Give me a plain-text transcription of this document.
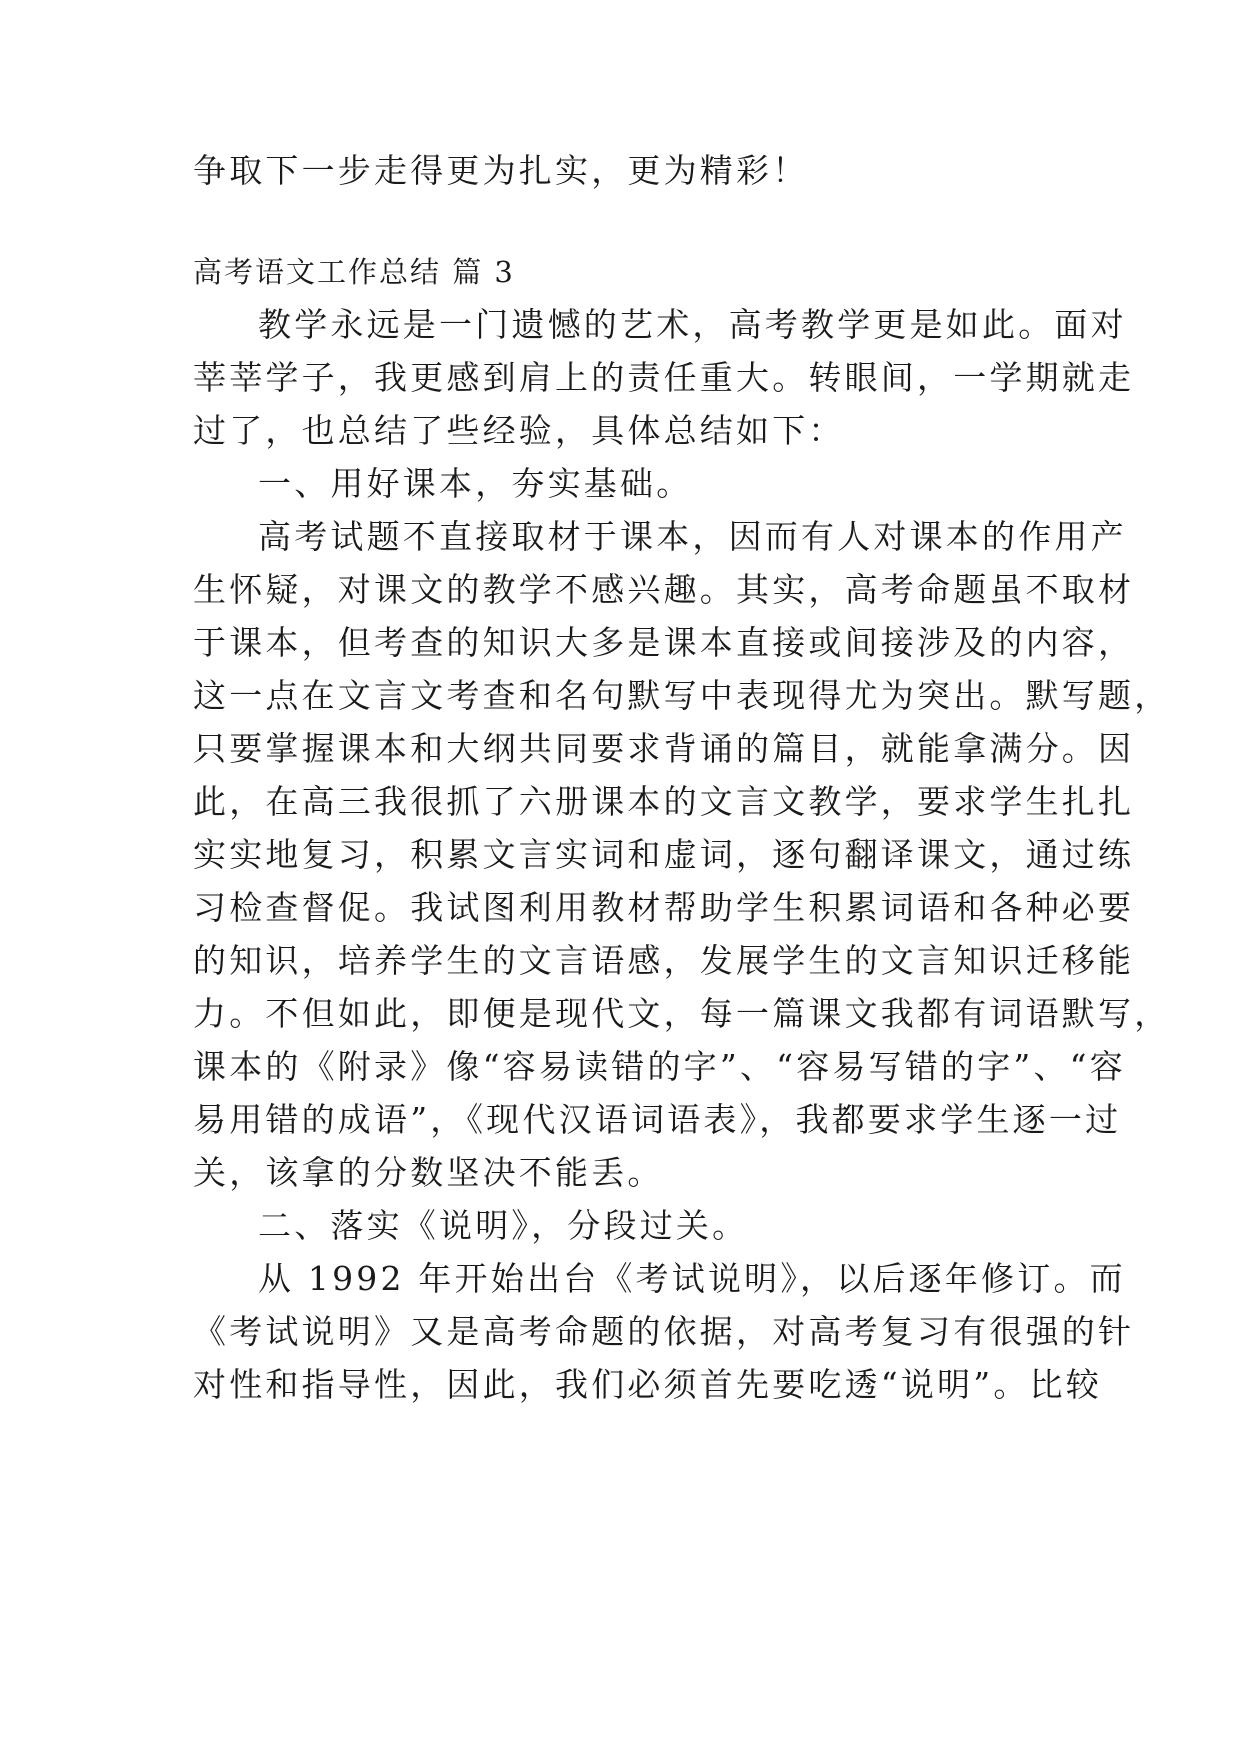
争取下一步走得更为扎实，更为精彩！
高考语文工作总结 篇 3
教学永远是一门遗憾的艺术，高考教学更是如此。面对
莘莘学子，我更感到肩上的责任重大。转眼间，一学期就走
过了，也总结了些经验，具体总结如下：
一、用好课本，夯实基础。
高考试题不直接取材于课本，因而有人对课本的作用产
生怀疑，对课文的教学不感兴趣。其实，高考命题虽不取材
于课本，但考查的知识大多是课本直接或间接涉及的内容，
这一点在文言文考查和名句默写中表现得尤为突出。默写题，
只要掌握课本和大纲共同要求背诵的篇目，就能拿满分。因
此，在高三我很抓了六册课本的文言文教学，要求学生扎扎
实实地复习，积累文言实词和虚词，逐句翻译课文，通过练
习检查督促。我试图利用教材帮助学生积累词语和各种必要
的知识，培养学生的文言语感，发展学生的文言知识迁移能
力。不但如此，即便是现代文，每一篇课文我都有词语默写，
课本的《附录》像“容易读错的字”、“容易写错的字”、“容
易用错的成语”，《现代汉语词语表》，我都要求学生逐一过
关，该拿的分数坚决不能丢。
二、落实《说明》，分段过关。
从 1992 年开始出台《考试说明》，以后逐年修订。而
《考试说明》又是高考命题的依据，对高考复习有很强的针
对性和指导性，因此，我们必须首先要吃透“说明”。比较
